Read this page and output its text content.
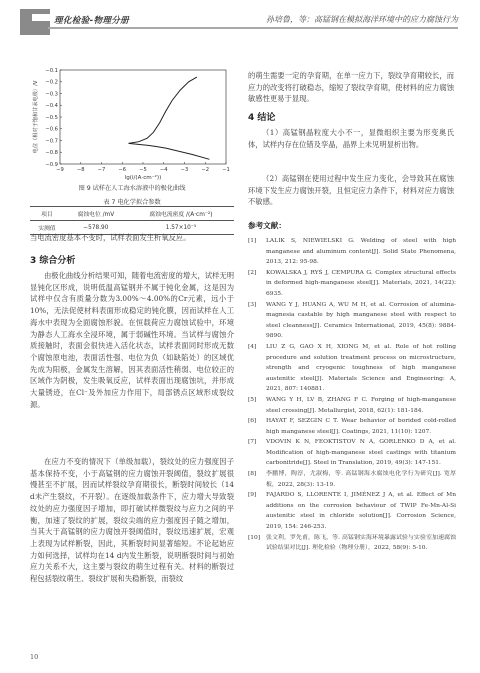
理化检验-物理分册	孙培鲁，等：高锰钢在模拟海洋环境中的应力腐蚀行为
−9	−8	−7	−6	−5	−4	−3	−2	−1
−0.1
−0.2
−0.3
−0.4
−0.5
−0.6
−0.7
−0.8
−0.9
lg(i/(A·cm⁻²))
电位（相对于饱和甘汞电极）/V
图 9 试样在人工海水溶液中的极化曲线
表 7 电化学拟合参数
项目	腐蚀电位 /mV	腐蚀电流密度 /(A·cm⁻²)
实测值	−578.90	1.57×10⁻⁵

当电流密度基本不变时，试样表面发生析氧反应。

3 综合分析

由极化曲线分析结果可知，随着电流密度的增大，试样无明显钝化区形成，说明低温高锰钢并不属于钝化金属，这是因为试样中仅含有质量分数为3.00%～4.00%的Cr元素，远小于10%，无法促使材料表面形成稳定的钝化膜，因而试样在人工海水中表现为全面腐蚀形貌。在恒载荷应力腐蚀试验中，环境为静态人工海水全浸环境，属于弱碱性环境。当试样与腐蚀介质接触时，表面会很快进入活化状态，试样表面同时形成无数个腐蚀原电池，表面活性强、电位为负（如缺陷处）的区域优先成为阳极，金属发生溶解，因其表面活性稍弱、电位较正的区域作为阴极，发生吸氧反应，试样表面出现腐蚀坑，并形成大量锈迹，在Cl⁻及外加应力作用下，局部锈点区域形成裂纹源。

在应力不变的情况下（单级加载），裂纹处的应力强度因子基本保持不变，小于高锰钢的应力腐蚀开裂阈值，裂纹扩展很慢甚至不扩展，因而试样裂纹孕育期很长，断裂时间较长（14 d未产生裂纹，不开裂）。在逐级加载条件下，应力增大导致裂纹处的应力强度因子增加，即打破试样微裂纹与应力之间的平衡，加速了裂纹的扩展，裂纹尖端的应力强度因子随之增加，当其大于高锰钢的应力腐蚀开裂阈值时，裂纹迅速扩展，宏观上表现为试样断裂，因此，其断裂时间显著缩短。不论起始应力如何选择，试样均在14 d内发生断裂，说明断裂时间与初始应力关系不大，这主要与裂纹的萌生过程有关。材料的断裂过程包括裂纹萌生、裂纹扩展和失稳断裂，而裂纹

10

的萌生需要一定的孕育期，在单一应力下，裂纹孕育期较长，而应力的改变将打破稳态，缩短了裂纹孕育期，使材料的应力腐蚀敏感性更易于显现。

4 结论

（1）高锰钢晶粒度大小不一，显微组织主要为形变奥氏体，试样内存在位错及孪晶，晶界上未见明显析出物。

（2）高锰钢在使用过程中发生应力变化，会导致其在腐蚀环境下发生应力腐蚀开裂，且恒定应力条件下，材料对应力腐蚀不敏感。

参考文献：
[1]	LALIK S, NIEWIELSKI G. Welding of steel with high manganese and aluminum content[J]. Solid State Phenomena, 2013, 212: 95-98.
[2]	KOWALSKA J, RYŚ J, CEMPURA G. Complex structural effects in deformed high-manganese steel[J]. Materials, 2021, 14(22): 6935.
[3]	WANG Y J, HUANG A, WU M H, et al. Corrosion of alumina-magnesia castable by high manganese steel with respect to steel cleanness[J]. Ceramics International, 2019, 45(8): 9884-9890.
[4]	LIU Z G, GAO X H, XIONG M, et al. Role of hot rolling procedure and solution treatment process on microstructure, strength and cryogenic toughness of high manganese austenitic steel[J]. Materials Science and Engineering: A, 2021, 807: 140881.
[5]	WANG Y H, LV B, ZHANG F C. Forging of high-manganese steel crossing[J]. Metallurgist, 2018, 62(1): 181-184.
[6]	HAYAT F, SEZGIN C T. Wear behavior of borided cold-rolled high manganese steel[J]. Coatings, 2021, 11(10): 1207.
[7]	VDOVIN K N, FEOKTISTOV N A, GORLENKO D A, et al. Modification of high-manganese steel castings with titanium carbonitride[J]. Steel in Translation, 2019, 49(3): 147-151.
[8]	李鹏博，陶淳，尤淑梅，等. 高锰钢海水腐蚀电化学行为研究[J]. 宽厚板，2022, 28(3): 13-19.
[9]	FAJARDO S, LLORENTE I, JIMÉNEZ J A, et al. Effect of Mn additions on the corrosion behaviour of TWIP Fe-Mn-Al-Si austenitic steel in chloride solution[J]. Corrosion Science, 2019, 154: 246-253.
[10]	张文利，罗先甫，陈飞，等. 高锰钢实海环境暴露试验与实验室加速腐蚀试验结果对比[J]. 理化检验（物理分册），2022, 58(9): 5-10.
